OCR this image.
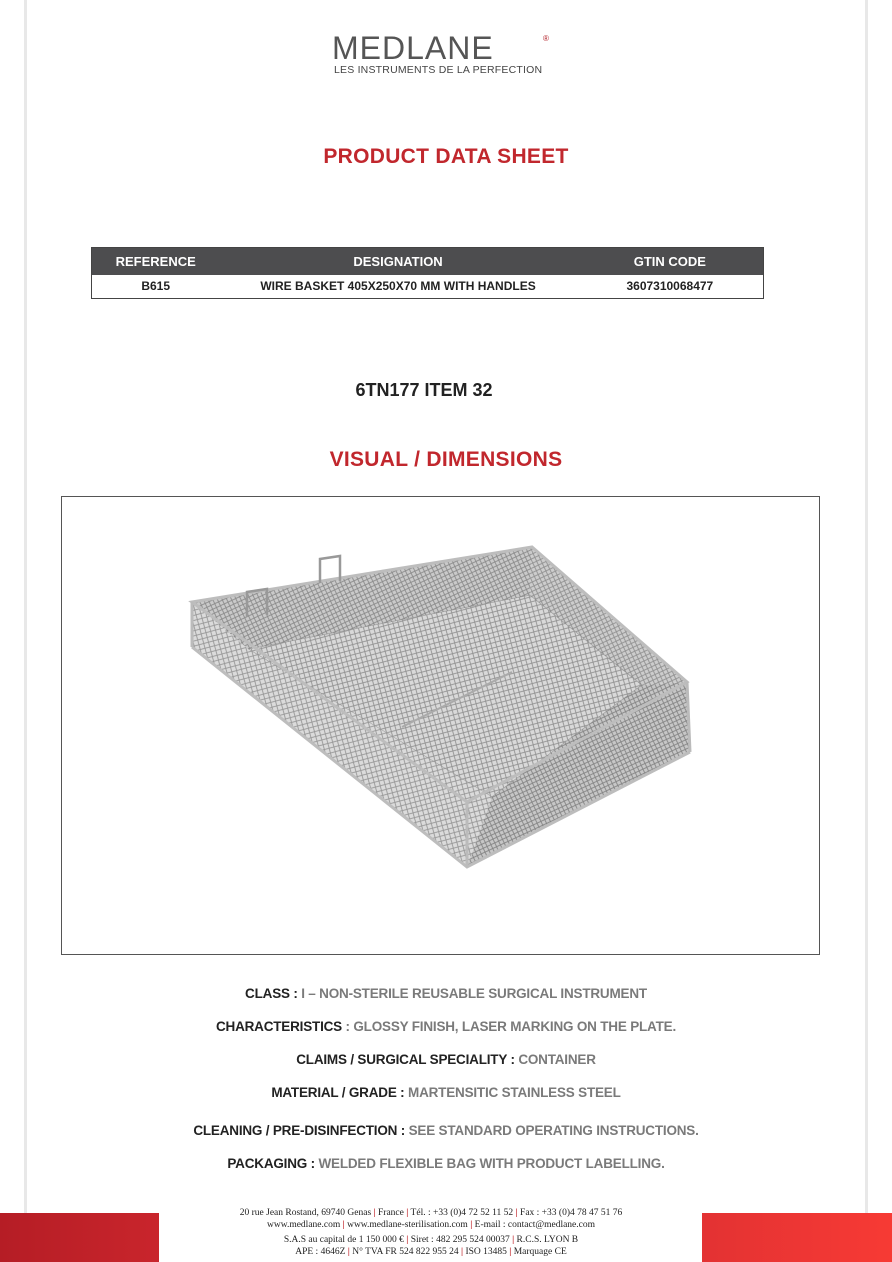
MEDLANE	®
LES INSTRUMENTS DE LA PERFECTION
PRODUCT DATA SHEET
REFERENCE	DESIGNATION	GTIN CODE
B615	WIRE BASKET 405X250X70 MM WITH HANDLES	3607310068477
6TN177 ITEM 32
VISUAL / DIMENSIONS
CLASS : I – NON-STERILE REUSABLE SURGICAL INSTRUMENT
CHARACTERISTICS : GLOSSY FINISH, LASER MARKING ON THE PLATE.
CLAIMS / SURGICAL SPECIALITY : CONTAINER
MATERIAL / GRADE : MARTENSITIC STAINLESS STEEL
CLEANING / PRE-DISINFECTION : SEE STANDARD OPERATING INSTRUCTIONS.
PACKAGING : WELDED FLEXIBLE BAG WITH PRODUCT LABELLING.
20 rue Jean Rostand, 69740 Genas | France | Tél. : +33 (0)4 72 52 11 52 | Fax : +33 (0)4 78 47 51 76
www.medlane.com | www.medlane-sterilisation.com | E-mail : contact@medlane.com
S.A.S au capital de 1 150 000 € | Siret : 482 295 524 00037 | R.C.S. LYON B
APE : 4646Z | N° TVA FR 524 822 955 24 | ISO 13485 | Marquage CE
